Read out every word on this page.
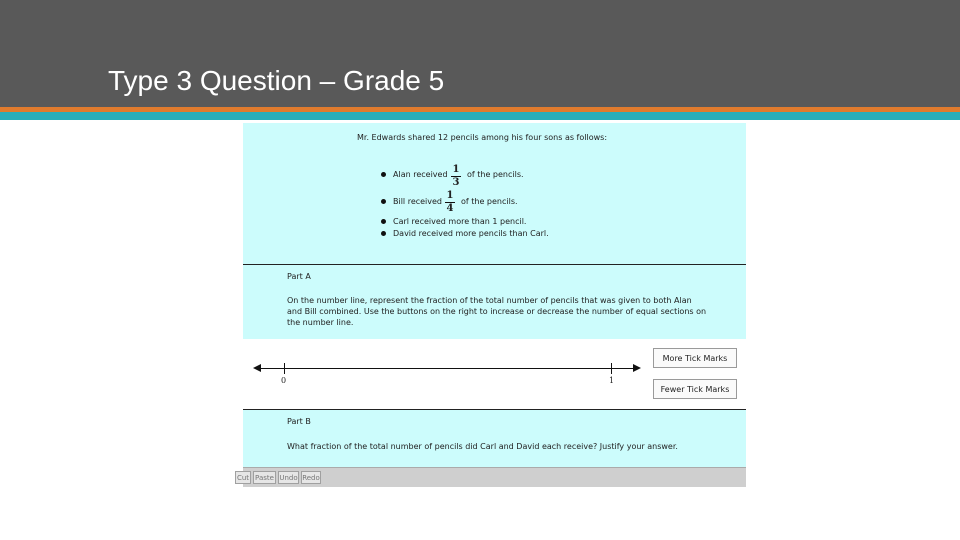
Type 3 Question – Grade 5
Mr. Edwards shared 12 pencils among his four sons as follows:
Alan received 1
3
of the pencils.
Bill received
1
4
of the pencils.
Carl received more than 1 pencil.
David received more pencils than Carl.
Part A
On the number line, represent the fraction of the total number of pencils that was given to both Alan and Bill combined. Use the buttons on the right to increase or decrease the number of equal sections on the number line.
0	1
More Tick Marks
Fewer Tick Marks
Part B
What fraction of the total number of pencils did Carl and David each receive? Justify your answer.
Cut Paste Undo Redo
